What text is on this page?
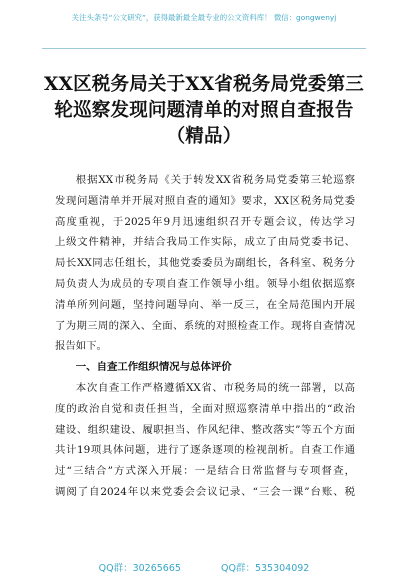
关注头条号“公文研究”，获得最新最全最专业的公文资料库！ 微信：gongwenyj
XX区税务局关于XX省税务局党委第三
轮巡察发现问题清单的对照自查报告
（精品）

根据XX市税务局《关于转发XX省税务局党委第三轮巡察

发现问题清单并开展对照自查的通知》要求，XX区税务局党委

高度重视，于2025年9月迅速组织召开专题会议，传达学习

上级文件精神，并结合我局工作实际，成立了由局党委书记、

局长XX同志任组长，其他党委委员为副组长，各科室、税务分

局负责人为成员的专项自查工作领导小组。领导小组依据巡察

清单所列问题，坚持问题导向、举一反三，在全局范围内开展

了为期三周的深入、全面、系统的对照检查工作。现将自查情况

报告如下。

一、自查工作组织情况与总体评价

本次自查工作严格遵循XX省、市税务局的统一部署，以高

度的政治自觉和责任担当，全面对照巡察清单中指出的“政治

建设、组织建设、履职担当、作风纪律、整改落实”等五个方面

共计19项具体问题，进行了逐条逐项的检视剖析。自查工作通

过“三结合”方式深入开展：一是结合日常监督与专项督查，

调阅了自2024年以来党委会会议记录、“三会一课”台账、税

QQ群：30265665	QQ群：535304092
